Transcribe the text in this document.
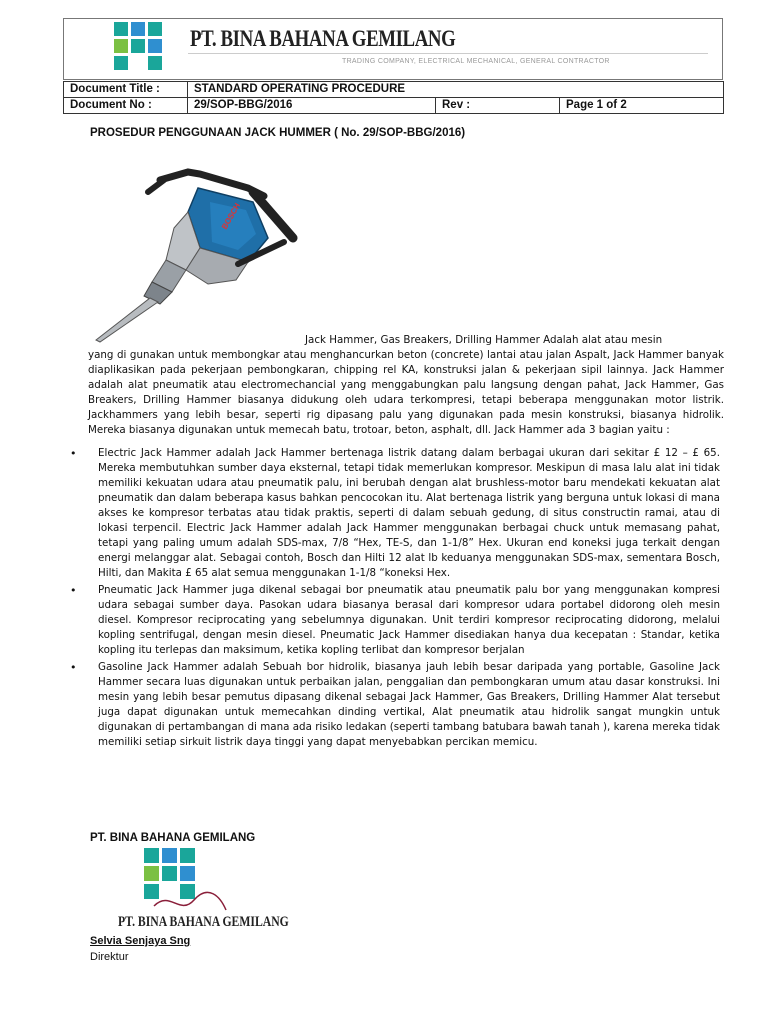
PT. BINA BAHANA GEMILANG
TRADING COMPANY, ELECTRICAL MECHANICAL, GENERAL CONTRACTOR
Document Title :	STANDARD OPERATING PROCEDURE		
Document No :	29/SOP-BBG/2016	Rev :	Page 1 of 2
PROSEDUR PENGGUNAAN JACK HUMMER ( No. 29/SOP-BBG/2016)
BOSCH
Jack Hammer, Gas Breakers, Drilling Hammer Adalah alat atau mesin
yang di gunakan untuk membongkar atau menghancurkan beton (concrete) lantai atau jalan Aspalt, Jack Hammer banyak diaplikasikan pada pekerjaan pembongkaran, chipping rel KA, konstruksi jalan & pekerjaan sipil lainnya. Jack Hammer adalah alat pneumatik atau electromechancial yang menggabungkan palu langsung dengan pahat, Jack Hammer, Gas Breakers, Drilling Hammer biasanya didukung oleh udara terkompresi, tetapi beberapa menggunakan motor listrik. Jackhammers yang lebih besar, seperti rig dipasang palu yang digunakan pada mesin konstruksi, biasanya hidrolik. Mereka biasanya digunakan untuk memecah batu, trotoar, beton, asphalt, dll. Jack Hammer ada 3 bagian yaitu :
• Electric Jack Hammer adalah Jack Hammer bertenaga listrik datang dalam berbagai ukuran dari sekitar £ 12 – £ 65. Mereka membutuhkan sumber daya eksternal, tetapi tidak memerlukan kompresor. Meskipun di masa lalu alat ini tidak memiliki kekuatan udara atau pneumatik palu, ini berubah dengan alat brushless-motor baru mendekati kekuatan alat pneumatik dan dalam beberapa kasus bahkan pencocokan itu. Alat bertenaga listrik yang berguna untuk lokasi di mana akses ke kompresor terbatas atau tidak praktis, seperti di dalam sebuah gedung, di situs constructin ramai, atau di lokasi terpencil. Electric Jack Hammer adalah Jack Hammer menggunakan berbagai chuck untuk memasang pahat, tetapi yang paling umum adalah SDS-max, 7/8 “Hex, TE-S, dan 1-1/8” Hex. Ukuran end koneksi juga terkait dengan energi melanggar alat. Sebagai contoh, Bosch dan Hilti 12 alat lb keduanya menggunakan SDS-max, sementara Bosch, Hilti, dan Makita £ 65 alat semua menggunakan 1-1/8 “koneksi Hex.
• Pneumatic Jack Hammer juga dikenal sebagai bor pneumatik atau pneumatik palu bor yang menggunakan kompresi udara sebagai sumber daya. Pasokan udara biasanya berasal dari kompresor udara portabel didorong oleh mesin diesel. Kompresor reciprocating yang sebelumnya digunakan. Unit terdiri kompresor reciprocating didorong, melalui kopling sentrifugal, dengan mesin diesel. Pneumatic Jack Hammer disediakan hanya dua kecepatan : Standar, ketika kopling itu terlepas dan maksimum, ketika kopling terlibat dan kompresor berjalan
• Gasoline Jack Hammer adalah Sebuah bor hidrolik, biasanya jauh lebih besar daripada yang portable, Gasoline Jack Hammer secara luas digunakan untuk perbaikan jalan, penggalian dan pembongkaran umum atau dasar konstruksi. Ini mesin yang lebih besar pemutus dipasang dikenal sebagai Jack Hammer, Gas Breakers, Drilling Hammer Alat tersebut juga dapat digunakan untuk memecahkan dinding vertikal, Alat pneumatik atau hidrolik sangat mungkin untuk digunakan di pertambangan di mana ada risiko ledakan (seperti tambang batubara bawah tanah ), karena mereka tidak memiliki setiap sirkuit listrik daya tinggi yang dapat menyebabkan percikan memicu.
PT. BINA BAHANA GEMILANG
PT. BINA BAHANA GEMILANG
Selvia Senjaya Sng
Direktur
